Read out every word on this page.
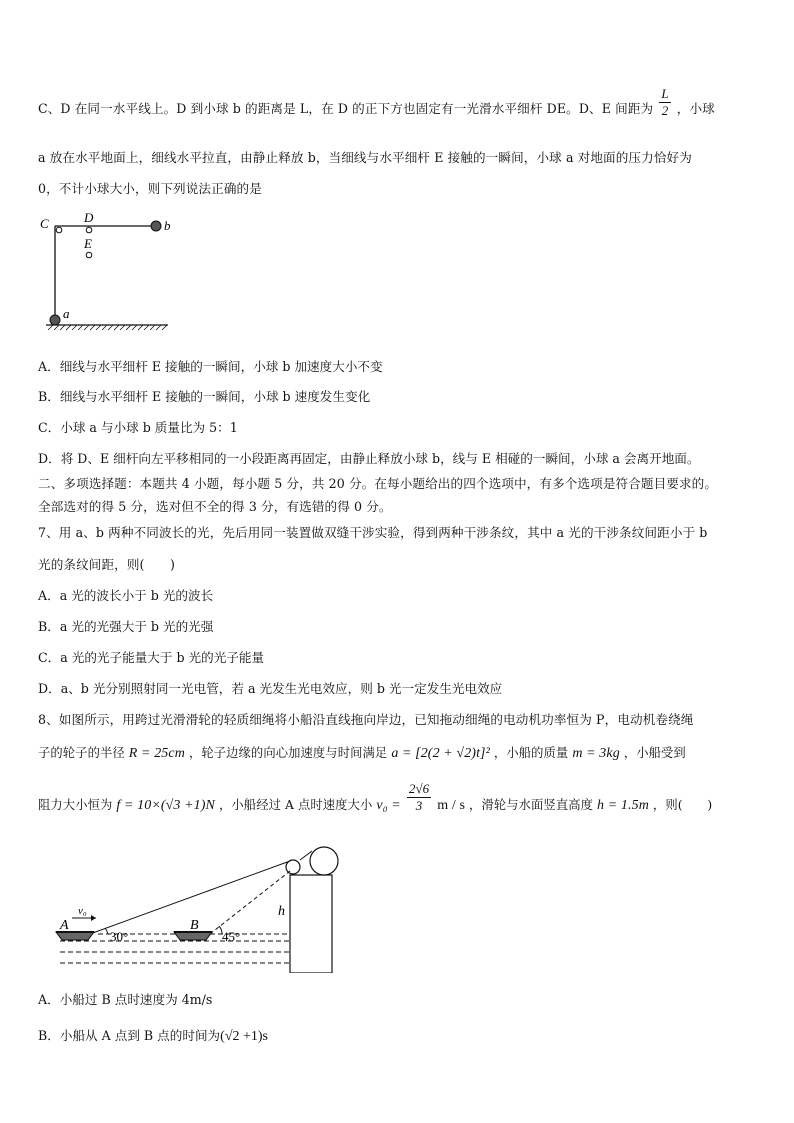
C、D 在同一水平线上。D 到小球 b 的距离是 L，在 D 的正下方也固定有一光滑水平细杆 DE。D、E 间距为 $\frac{L}{2}$ ，小球
a 放在水平地面上，细线水平拉直，由静止释放 b，当细线与水平细杆 E 接触的一瞬间，小球 a 对地面的压力恰好为
0，不计小球大小，则下列说法正确的是
C	D
E
b
a
A．细线与水平细杆 E 接触的一瞬间，小球 b 加速度大小不变
B．细线与水平细杆 E 接触的一瞬间，小球 b 速度发生变化
C．小球 a 与小球 b 质量比为 5：1
D．将 D、E 细杆向左平移相同的一小段距离再固定，由静止释放小球 b，线与 E 相碰的一瞬间，小球 a 会离开地面。
二、多项选择题：本题共 4 小题，每小题 5 分，共 20 分。在每小题给出的四个选项中，有多个选项是符合题目要求的。
全部选对的得 5 分，选对但不全的得 3 分，有选错的得 0 分。
7、用 a、b 两种不同波长的光，先后用同一装置做双缝干涉实验，得到两种干涉条纹，其中 a 光的干涉条纹间距小于 b
光的条纹间距，则(　　)
A．a 光的波长小于 b 光的波长
B．a 光的光强大于 b 光的光强
C．a 光的光子能量大于 b 光的光子能量
D．a、b 光分别照射同一光电管，若 a 光发生光电效应，则 b 光一定发生光电效应
8、如图所示，用跨过光滑滑轮的轻质细绳将小船沿直线拖向岸边，已知拖动细绳的电动机功率恒为 P，电动机卷绕绳
子的轮子的半径 R = 25cm ，轮子边缘的向心加速度与时间满足 a = [2(2 + √2)t]² ，小船的质量 m = 3kg ，小船受到
阻力大小恒为 f = 10×(√3 +1)N ，小船经过 A 点时速度大小 $v_0 = \frac{2√6}{3}$ m / s ，滑轮与水面竖直高度 h = 1.5m ，则(　　)
A
v₀
B
30°	45°
h
A．小船过 B 点时速度为 4m/s
B．小船从 A 点到 B 点的时间为(√2 +1)s
